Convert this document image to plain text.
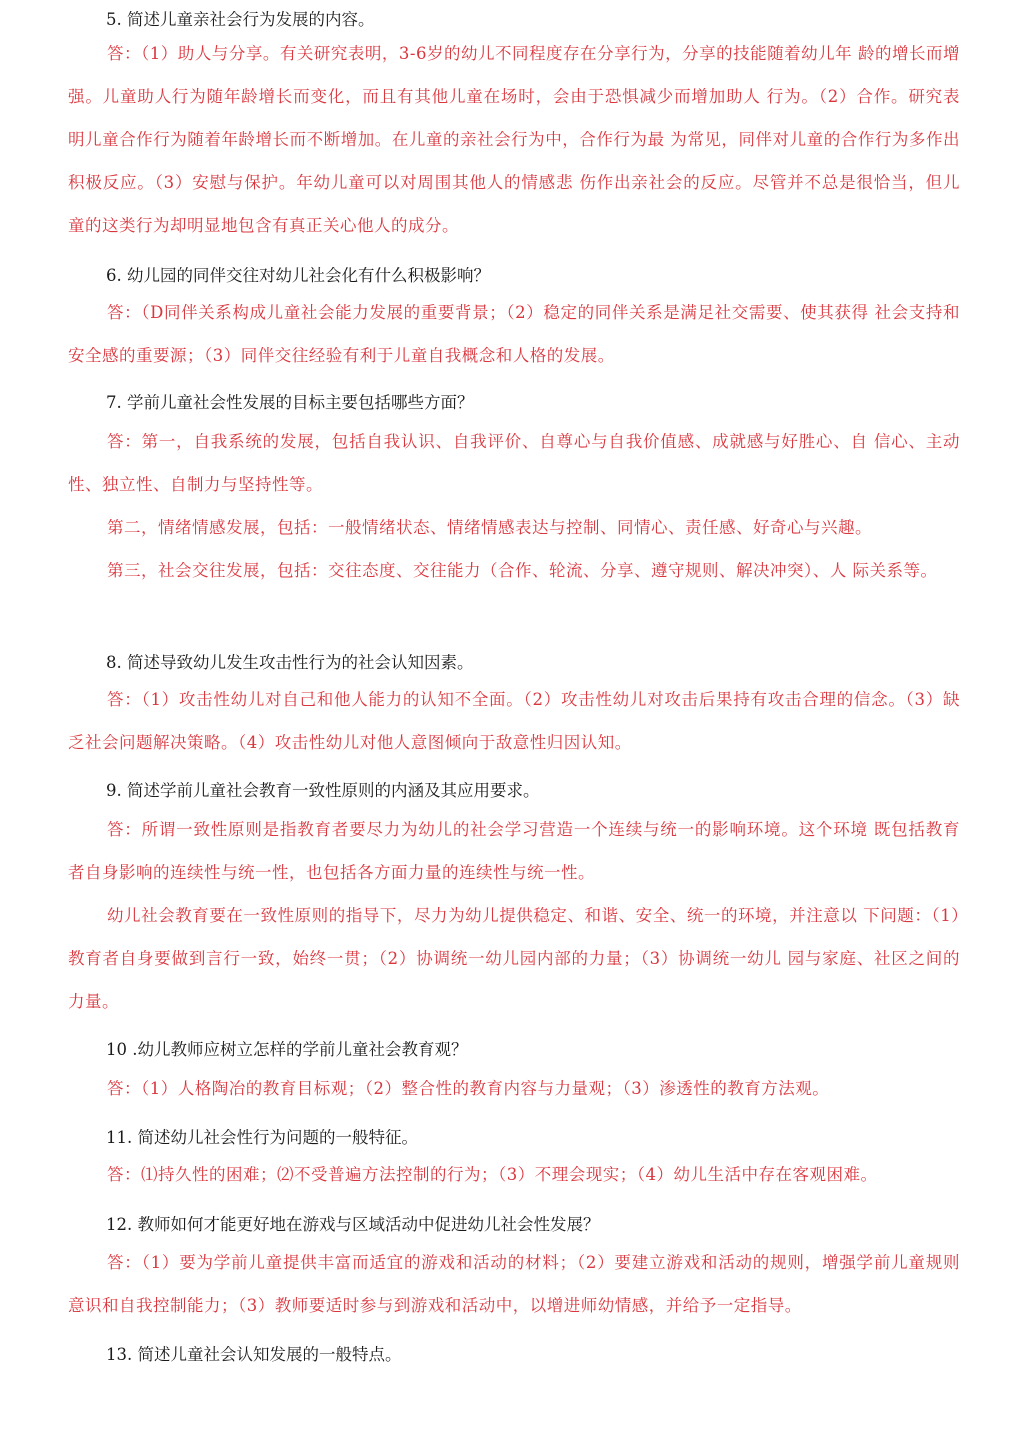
5. 简述儿童亲社会行为发展的内容。

答：（1）助人与分享。有关研究表明，3-6岁的幼儿不同程度存在分享行为，分享的技能随着幼儿年 龄的增长而增强。儿童助人行为随年龄增长而变化，而且有其他儿童在场时，会由于恐惧减少而增加助人 行为。（2）合作。研究表明儿童合作行为随着年龄增长而不断增加。在儿童的亲社会行为中，合作行为最 为常见，同伴对儿童的合作行为多作出积极反应。（3）安慰与保护。年幼儿童可以对周围其他人的情感悲 伤作出亲社会的反应。尽管并不总是很恰当，但儿童的这类行为却明显地包含有真正关心他人的成分。

6. 幼儿园的同伴交往对幼儿社会化有什么积极影响？

答：（D同伴关系构成儿童社会能力发展的重要背景；（2）稳定的同伴关系是满足社交需要、使其获得 社会支持和安全感的重要源；（3）同伴交往经验有利于儿童自我概念和人格的发展。

7. 学前儿童社会性发展的目标主要包括哪些方面？

答：第一，自我系统的发展，包括自我认识、自我评价、自尊心与自我价值感、成就感与好胜心、自 信心、主动性、独立性、自制力与坚持性等。

第二，情绪情感发展，包括：一般情绪状态、情绪情感表达与控制、同情心、责任感、好奇心与兴趣。

第三，社会交往发展，包括：交往态度、交往能力（合作、轮流、分享、遵守规则、解决冲突）、人 际关系等。

8. 简述导致幼儿发生攻击性行为的社会认知因素。

答：（1）攻击性幼儿对自己和他人能力的认知不全面。（2）攻击性幼儿对攻击后果持有攻击合理的信念。（3）缺乏社会问题解决策略。（4）攻击性幼儿对他人意图倾向于敌意性归因认知。

9. 简述学前儿童社会教育一致性原则的内涵及其应用要求。

答：所谓一致性原则是指教育者要尽力为幼儿的社会学习营造一个连续与统一的影响环境。这个环境 既包括教育者自身影响的连续性与统一性，也包括各方面力量的连续性与统一性。

幼儿社会教育要在一致性原则的指导下，尽力为幼儿提供稳定、和谐、安全、统一的环境，并注意以 下问题：（1）教育者自身要做到言行一致，始终一贯；（2）协调统一幼儿园内部的力量；（3）协调统一幼儿 园与家庭、社区之间的力量。

10 .幼儿教师应树立怎样的学前儿童社会教育观？

答：（1）人格陶冶的教育目标观；（2）整合性的教育内容与力量观；（3）渗透性的教育方法观。

11. 简述幼儿社会性行为问题的一般特征。

答：⑴持久性的困难；⑵不受普遍方法控制的行为；（3）不理会现实；（4）幼儿生活中存在客观困难。

12. 教师如何才能更好地在游戏与区域活动中促进幼儿社会性发展？

答：（1）要为学前儿童提供丰富而适宜的游戏和活动的材料；（2）要建立游戏和活动的规则，增强学前儿童规则意识和自我控制能力；（3）教师要适时参与到游戏和活动中，以增进师幼情感，并给予一定指导。

13. 简述儿童社会认知发展的一般特点。
